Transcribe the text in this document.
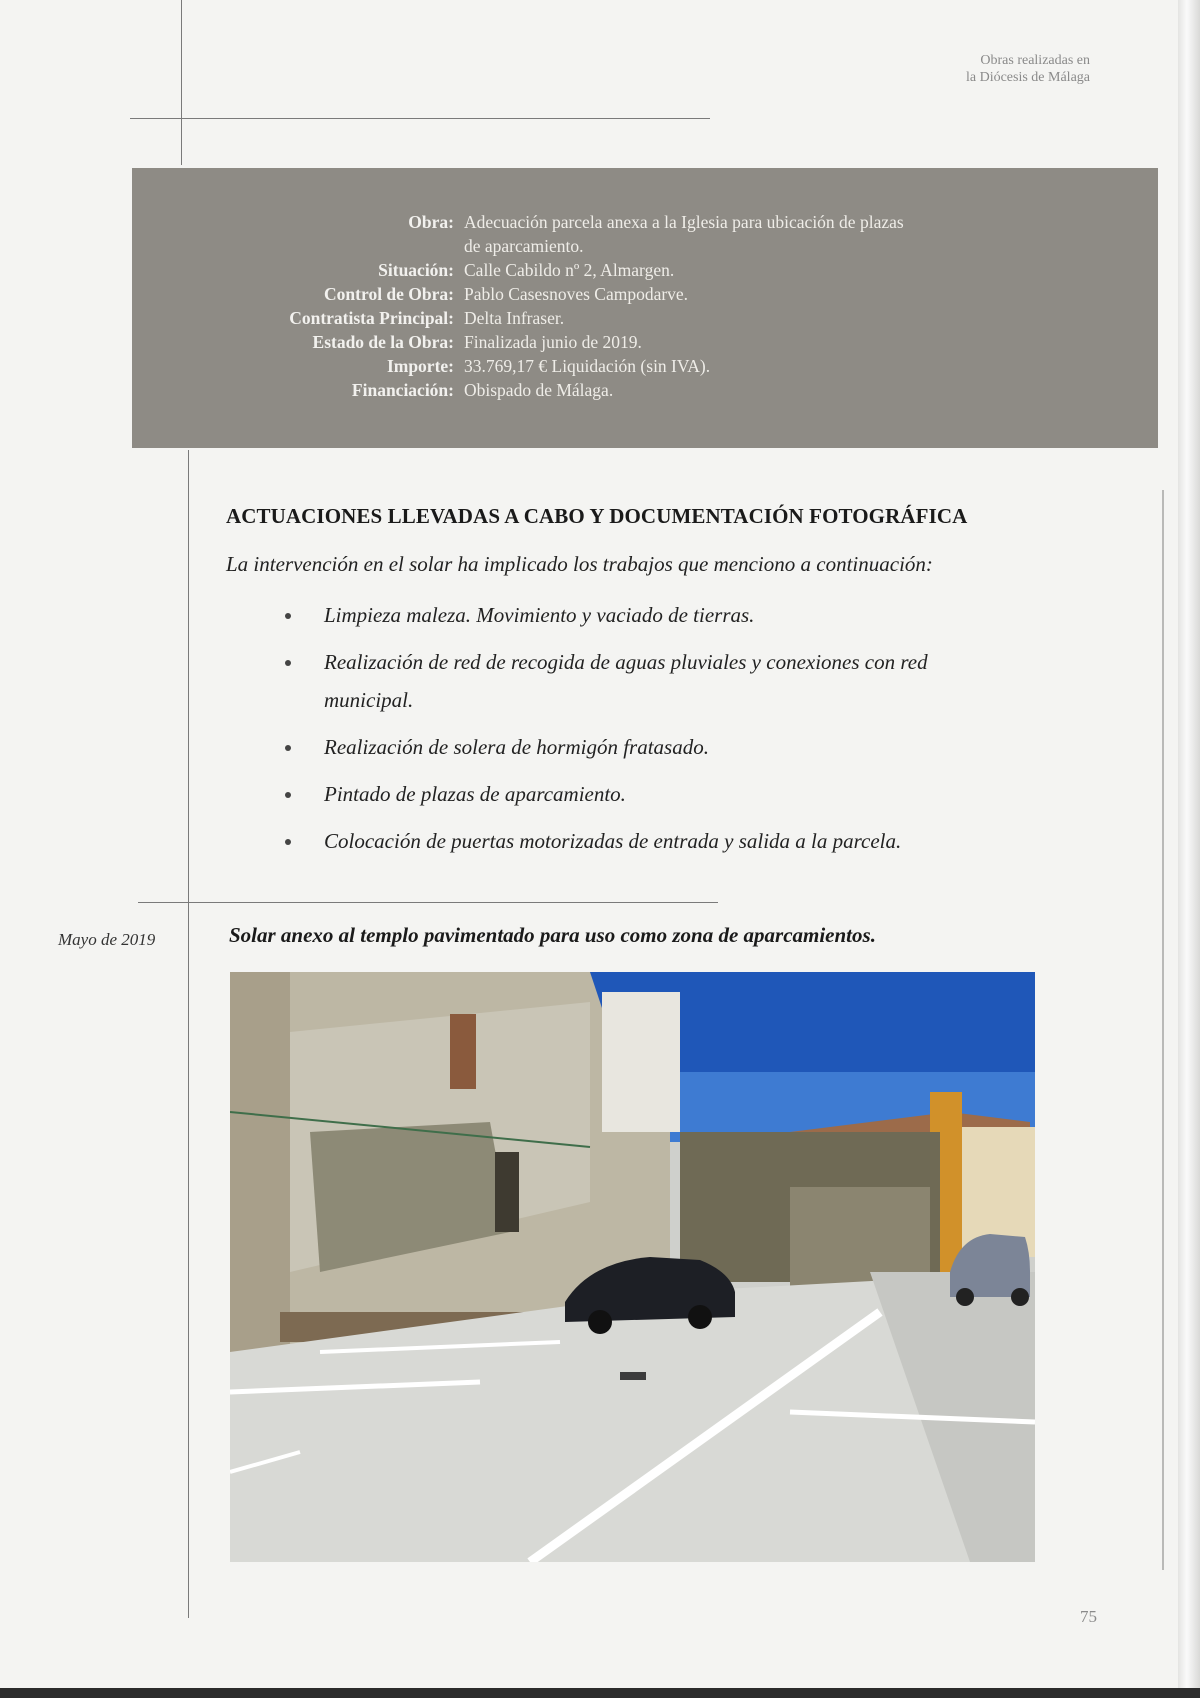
Obras realizadas en
la Diócesis de Málaga
Obra: Adecuación parcela anexa a la Iglesia para ubicación de plazas
de aparcamiento.
Situación: Calle Cabildo nº 2, Almargen.
Control de Obra: Pablo Casesnoves Campodarve.
Contratista Principal: Delta Infraser.
Estado de la Obra: Finalizada junio de 2019.
Importe: 33.769,17 € Liquidación (sin IVA).
Financiación: Obispado de Málaga.
ACTUACIONES LLEVADAS A CABO Y DOCUMENTACIÓN FOTOGRÁFICA
La intervención en el solar ha implicado los trabajos que menciono a continuación:
Limpieza maleza. Movimiento y vaciado de tierras.
Realización de red de recogida de aguas pluviales y conexiones con red municipal.
Realización de solera de hormigón fratasado.
Pintado de plazas de aparcamiento.
Colocación de puertas motorizadas de entrada y salida a la parcela.
Mayo de 2019	Solar anexo al templo pavimentado para uso como zona de aparcamientos.
75
